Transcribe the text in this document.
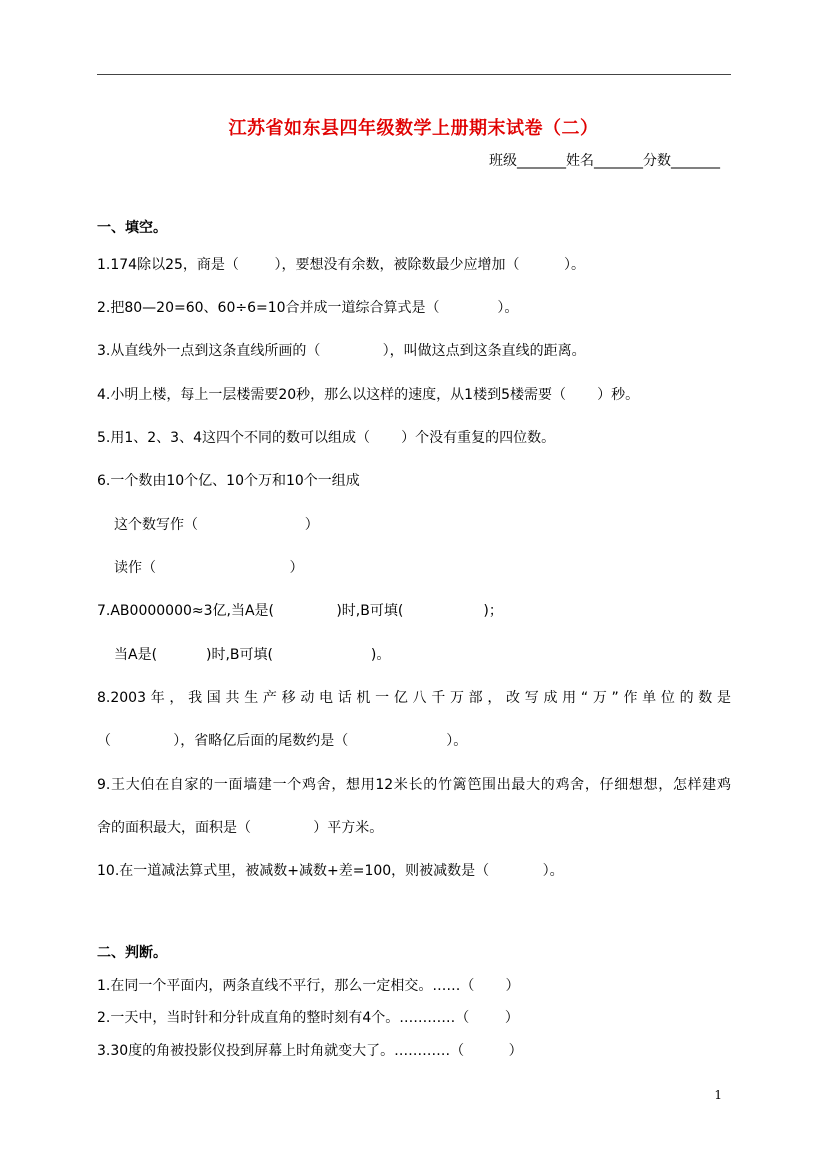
江苏省如东县四年级数学上册期末试卷（二）
班级_______姓名_______分数_______
一、填空。
1.174除以25，商是（        ），要想没有余数，被除数最少应增加（          ）。
2.把80—20=60、60÷6=10合并成一道综合算式是（             ）。
3.从直线外一点到这条直线所画的（              ），叫做这点到这条直线的距离。
4.小明上楼，每上一层楼需要20秒，那么以这样的速度，从1楼到5楼需要（       ）秒。
5.用1、2、3、4这四个不同的数可以组成（       ）个没有重复的四位数。
6.一个数由10个亿、10个万和10个一组成
这个数写作（                        ）
读作（                              ）
7.AB0000000≈3亿,当A是(              )时,B可填(                  )；
当A是(           )时,B可填(                      )。
8.2003年，我国共生产移动电话机一亿八千万部，改写成用“万”作单位的数是
（              ），省略亿后面的尾数约是（                      ）。
9.王大伯在自家的一面墙建一个鸡舍，想用12米长的竹篱笆围出最大的鸡舍，仔细想想，怎样建鸡
舍的面积最大，面积是（              ）平方米。
10.在一道减法算式里，被减数+减数+差=100，则被减数是（            ）。
二、判断。
1.在同一个平面内，两条直线不平行，那么一定相交。……（       ）
2.一天中，当时针和分针成直角的整时刻有4个。…………（        ）
3.30度的角被投影仪投到屏幕上时角就变大了。…………（          ）
1
